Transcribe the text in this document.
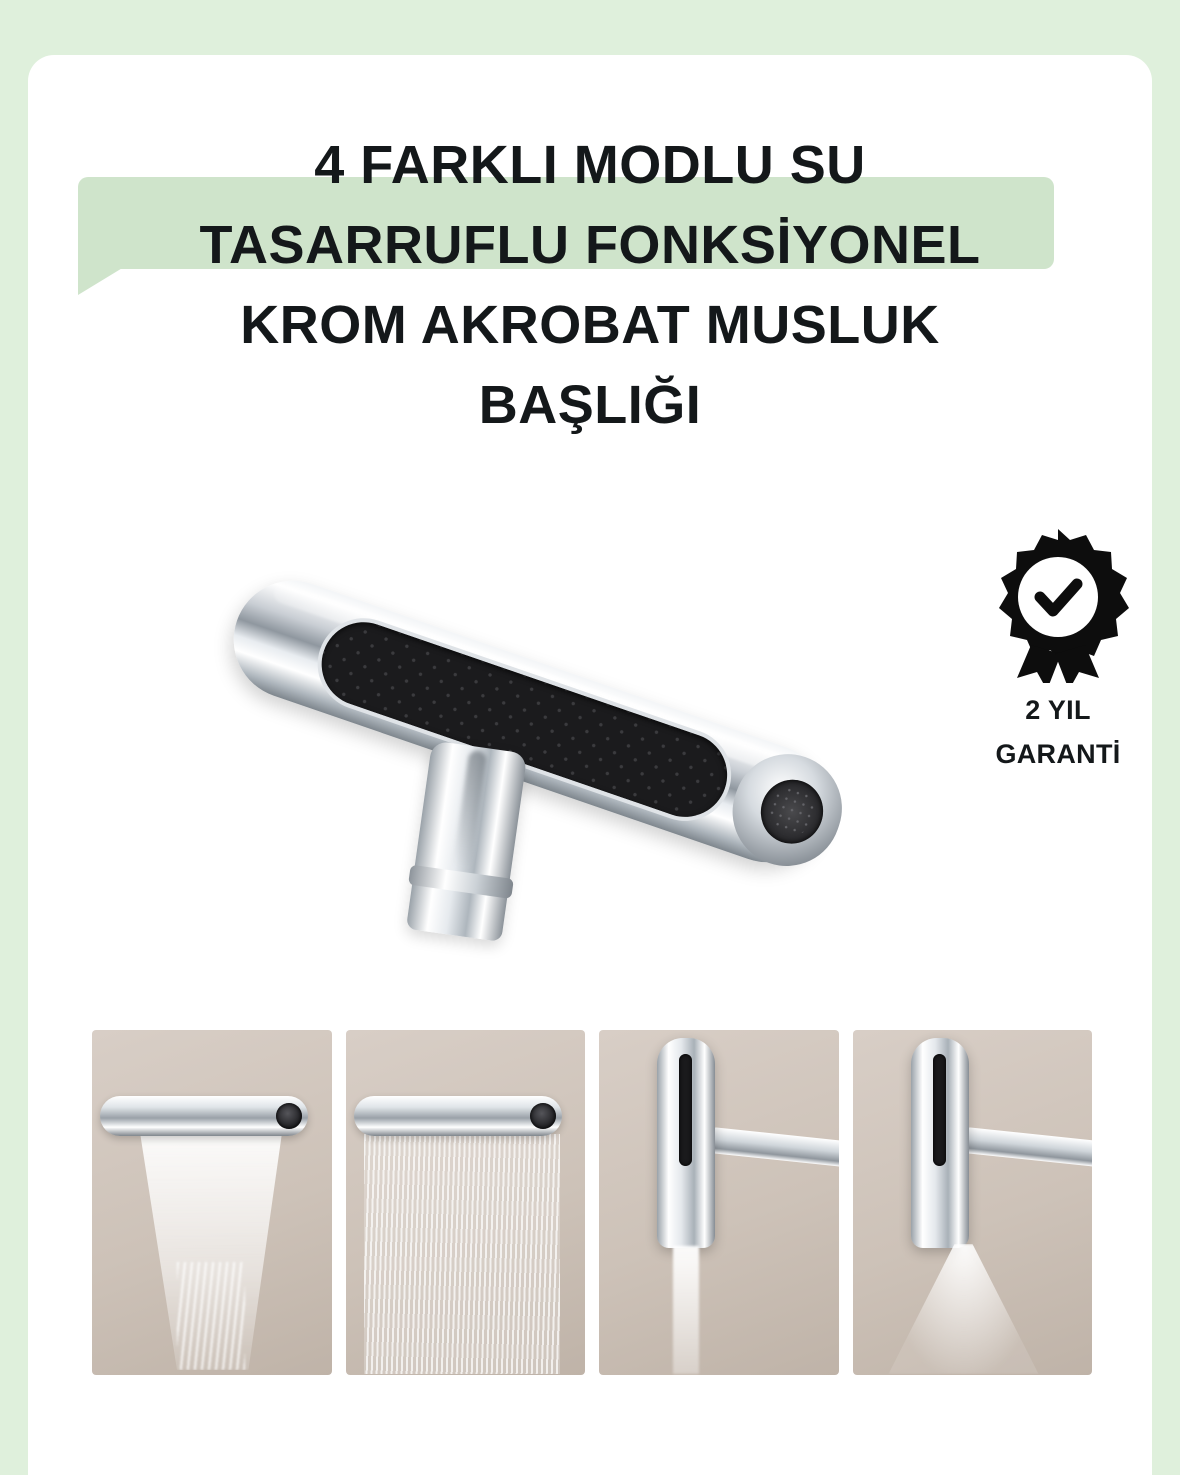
4 FARKLI MODLU SU
TASARRUFLU FONKSİYONEL
KROM AKROBAT MUSLUK
BAŞLIĞI
2 YIL
GARANTİ
